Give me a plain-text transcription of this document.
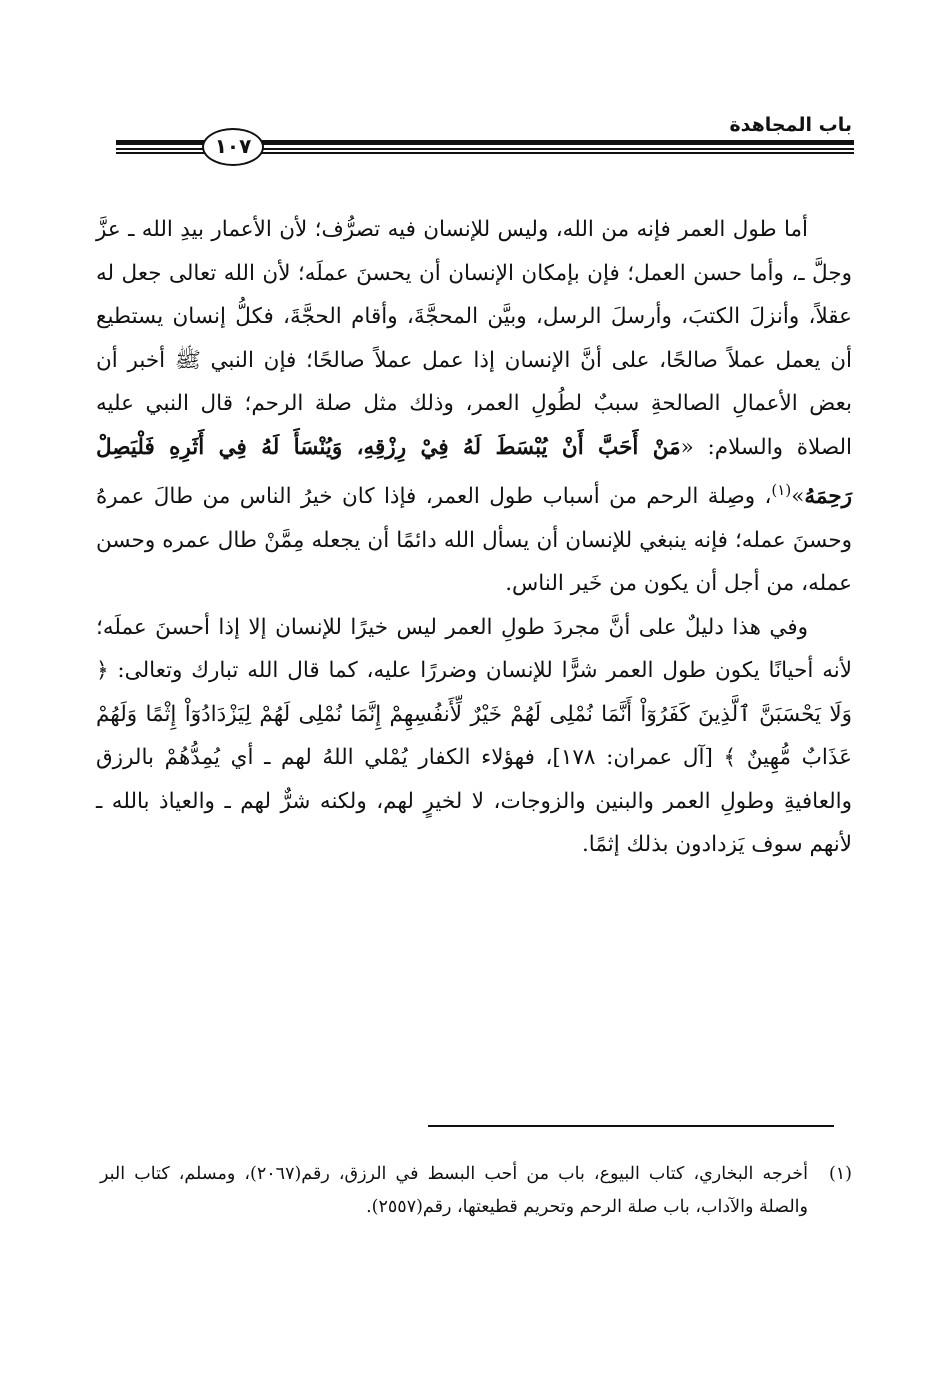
باب المجاهدة
١٠٧

أما طول العمر فإنه من الله، وليس للإنسان فيه تصرُّف؛ لأن الأعمار بيدِ الله ـ عزَّ وجلَّ ـ، وأما حسن العمل؛ فإن بإمكان الإنسان أن يحسنَ عملَه؛ لأن الله تعالى جعل له عقلاً، وأنزلَ الكتبَ، وأرسلَ الرسل، وبيَّن المحجَّةَ، وأقام الحجَّةَ، فكلُّ إنسان يستطيع أن يعمل عملاً صالحًا، على أنَّ الإنسان إذا عمل عملاً صالحًا؛ فإن النبي ﷺ أخبر أن بعض الأعمالِ الصالحةِ سببٌ لطُولِ العمر، وذلك مثل صلة الرحم؛ قال النبي عليه الصلاة والسلام: «مَنْ أَحَبَّ أَنْ يُبْسَطَ لَهُ فِيْ رِزْقِهِ، وَيُنْسَأَ لَهُ فِي أَثَرِهِ فَلْيَصِلْ رَحِمَهُ»$^{(١)}$، وصِلة الرحم من أسباب طول العمر، فإذا كان خيرُ الناس من طالَ عمرهُ وحسنَ عمله؛ فإنه ينبغي للإنسان أن يسأل الله دائمًا أن يجعله مِمَّنْ طال عمره وحسن عمله، من أجل أن يكون من خَير الناس.

وفي هذا دليلٌ على أنَّ مجردَ طولِ العمر ليس خيرًا للإنسان إلا إذا أحسنَ عملَه؛ لأنه أحيانًا يكون طول العمر شرًّا للإنسان وضررًا عليه، كما قال الله تبارك وتعالى: ﴿ وَلَا يَحْسَبَنَّ ٱلَّذِينَ كَفَرُوٓاْ أَنَّمَا نُمْلِى لَهُمْ خَيْرٌ لِّأَنفُسِهِمْ إِنَّمَا نُمْلِى لَهُمْ لِيَزْدَادُوٓاْ إِثْمًا وَلَهُمْ عَذَابٌ مُّهِينٌ ﴾ [آل عمران: ١٧٨]، فهؤلاء الكفار يُمْلي اللهُ لهم ـ أي يُمِدُّهُمْ بالرزق والعافيةِ وطولِ العمر والبنين والزوجات، لا لخيرٍ لهم، ولكنه شرٌّ لهم ـ والعياذ بالله ـ لأنهم سوف يَزدادون بذلك إثمًا.

(١)
أخرجه البخاري، كتاب البيوع، باب من أحب البسط في الرزق، رقم(٢٠٦٧)، ومسلم، كتاب البر والصلة والآداب، باب صلة الرحم وتحريم قطيعتها، رقم(٢٥٥٧).
